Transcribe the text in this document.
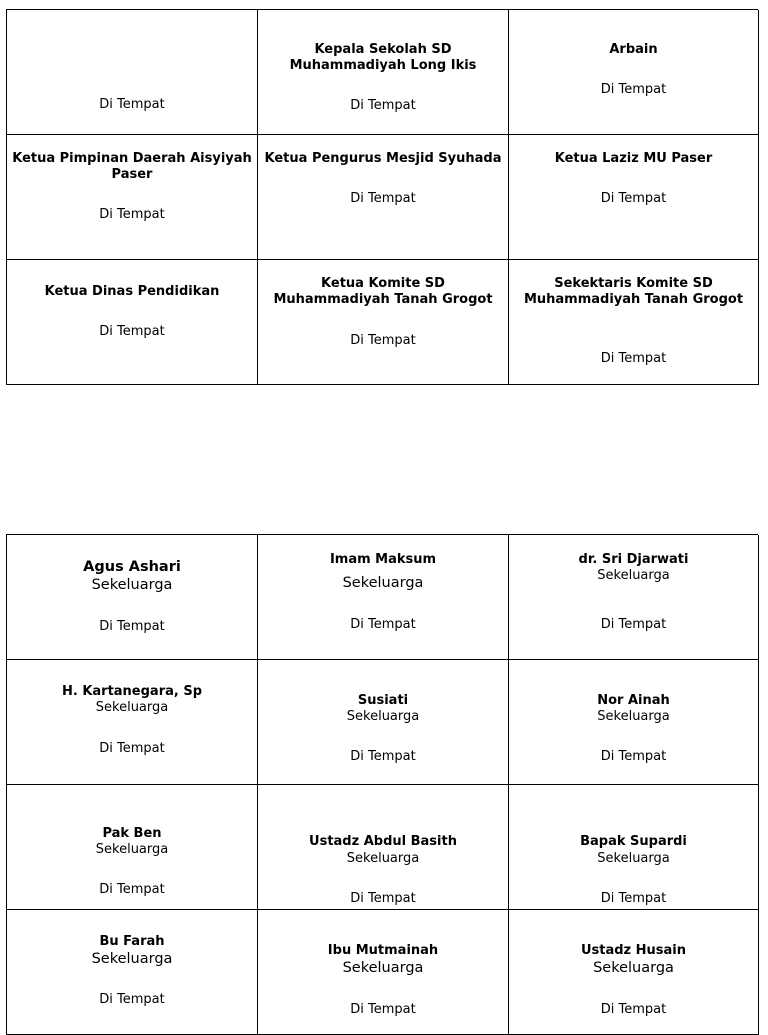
Di Tempat
Kepala Sekolah SD Muhammadiyah Long Ikis
Di Tempat
Arbain
Di Tempat
Ketua Pimpinan Daerah Aisyiyah Paser
Di Tempat
Ketua Pengurus Mesjid Syuhada
Di Tempat
Ketua Laziz MU Paser
Di Tempat
Ketua Dinas Pendidikan
Di Tempat
Ketua Komite SD Muhammadiyah Tanah Grogot
Di Tempat
Sekektaris Komite SD Muhammadiyah Tanah Grogot
Di Tempat
Agus Ashari
Sekeluarga
Di Tempat
Imam Maksum
Sekeluarga
Di Tempat
dr. Sri Djarwati
Sekeluarga
Di Tempat
H. Kartanegara, Sp
Sekeluarga
Di Tempat
Susiati
Sekeluarga
Di Tempat
Nor Ainah
Sekeluarga
Di Tempat
Pak Ben
Sekeluarga
Di Tempat
Ustadz Abdul Basith
Sekeluarga
Di Tempat
Bapak Supardi
Sekeluarga
Di Tempat
Bu Farah
Sekeluarga
Di Tempat
Ibu Mutmainah
Sekeluarga
Di Tempat
Ustadz Husain
Sekeluarga
Di Tempat
